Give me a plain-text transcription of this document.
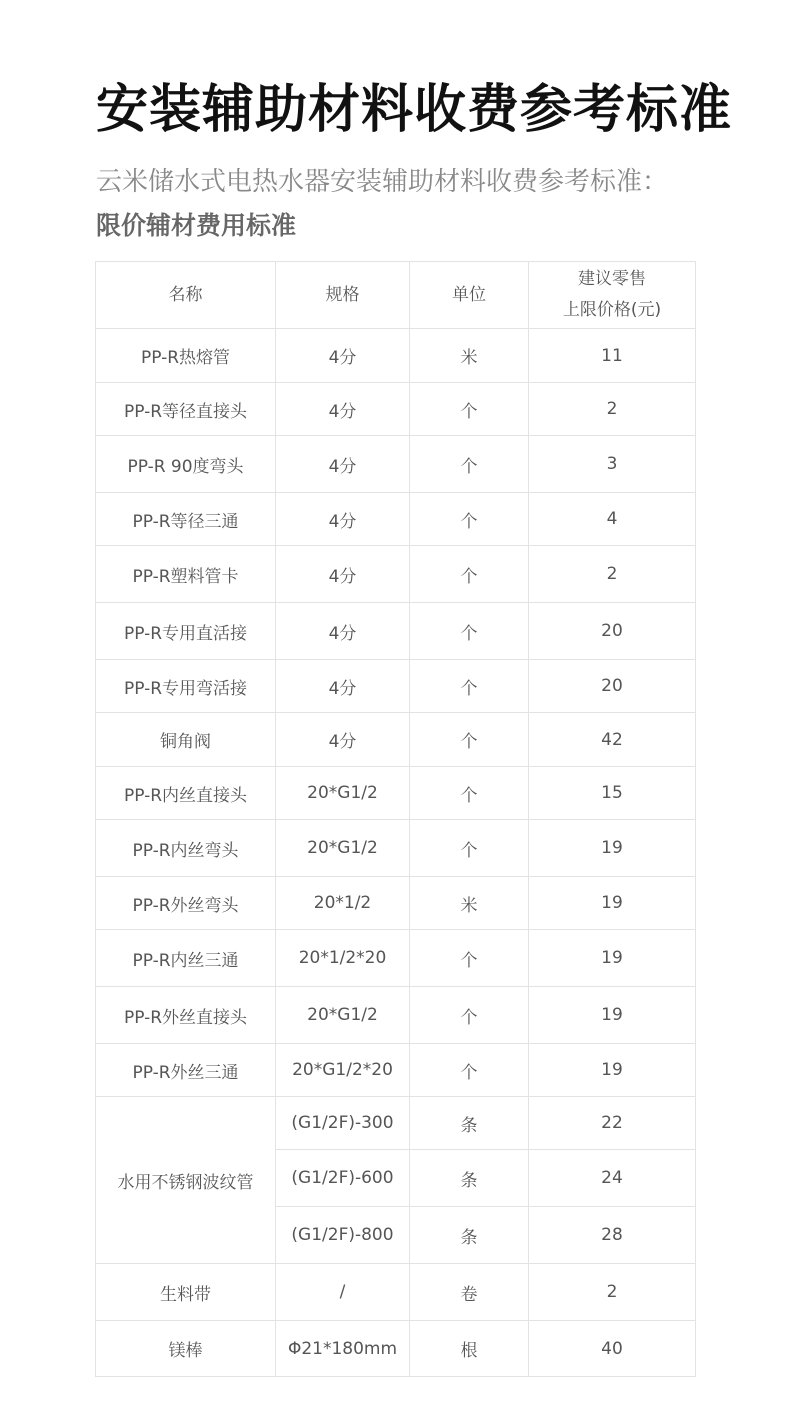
安装辅助材料收费参考标准

云米储水式电热水器安装辅助材料收费参考标准：

限价辅材费用标准
名称	规格	单位	建议零售
上限价格(元)

PP-R热熔管	4分	米	11
PP-R等径直接头	4分	个	2
PP-R 90度弯头	4分	个	3
PP-R等径三通	4分	个	4
PP-R塑料管卡	4分	个	2
PP-R专用直活接	4分	个	20
PP-R专用弯活接	4分	个	20
铜角阀	4分	个	42
PP-R内丝直接头	20*G1/2	个	15
PP-R内丝弯头	20*G1/2	个	19
PP-R外丝弯头	20*1/2	米	19
PP-R内丝三通	20*1/2*20	个	19
PP-R外丝直接头	20*G1/2	个	19
PP-R外丝三通	20*G1/2*20	个	19
水用不锈钢波纹管	(G1/2F)-300	条	22
	(G1/2F)-600	条	24
	(G1/2F)-800	条	28
生料带	/	卷	2
镁棒	Φ21*180mm	根	40
